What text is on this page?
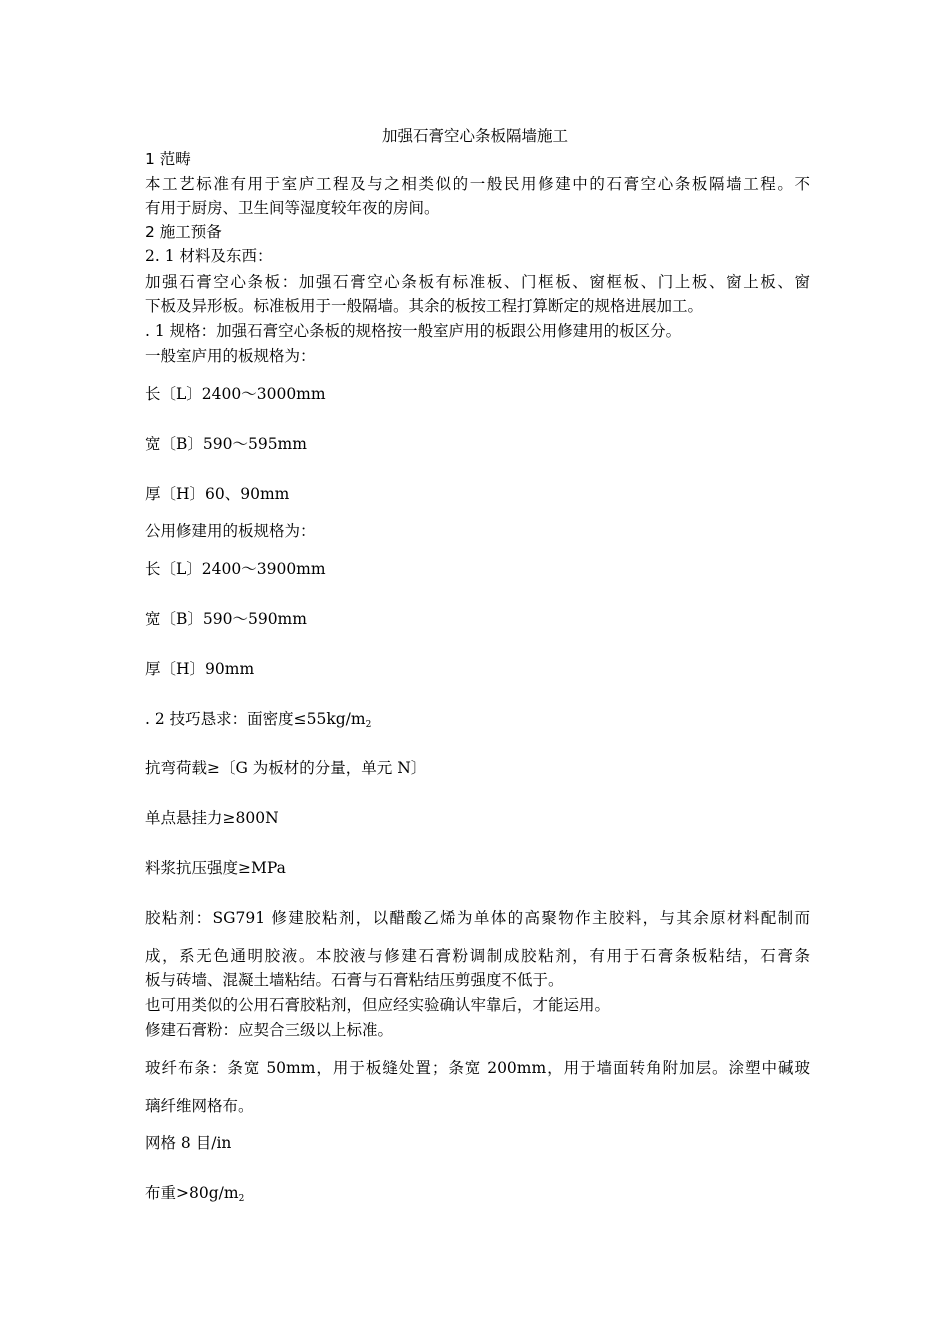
加强石膏空心条板隔墙施工
1 范畴
本工艺标准有用于室庐工程及与之相类似的一般民用修建中的石膏空心条板隔墙工程。不
有用于厨房、卫生间等湿度较年夜的房间。
2 施工预备
2. 1 材料及东西：
加强石膏空心条板：加强石膏空心条板有标准板、门框板、窗框板、门上板、窗上板、窗
下板及异形板。标准板用于一般隔墙。其余的板按工程打算断定的规格进展加工。
. 1 规格：加强石膏空心条板的规格按一般室庐用的板跟公用修建用的板区分。
一般室庐用的板规格为：
长〔L〕2400～3000mm
宽〔B〕590～595mm
厚〔H〕60、90mm
公用修建用的板规格为：
长〔L〕2400～3900mm
宽〔B〕590～590mm
厚〔H〕90mm
. 2 技巧恳求：面密度≤55kg/m2
抗弯荷载≥〔G 为板材的分量，单元 N〕
单点悬挂力≥800N
料浆抗压强度≥MPa
胶粘剂：SG791 修建胶粘剂，以醋酸乙烯为单体的高聚物作主胶料，与其余原材料配制而
成，系无色通明胶液。本胶液与修建石膏粉调制成胶粘剂，有用于石膏条板粘结，石膏条
板与砖墙、混凝土墙粘结。石膏与石膏粘结压剪强度不低于。
也可用类似的公用石膏胶粘剂，但应经实验确认牢靠后，才能运用。
修建石膏粉：应契合三级以上标准。
玻纤布条：条宽 50mm，用于板缝处置；条宽 200mm，用于墙面转角附加层。涂塑中碱玻
璃纤维网格布。
网格 8 目/in
布重>80g/m2
